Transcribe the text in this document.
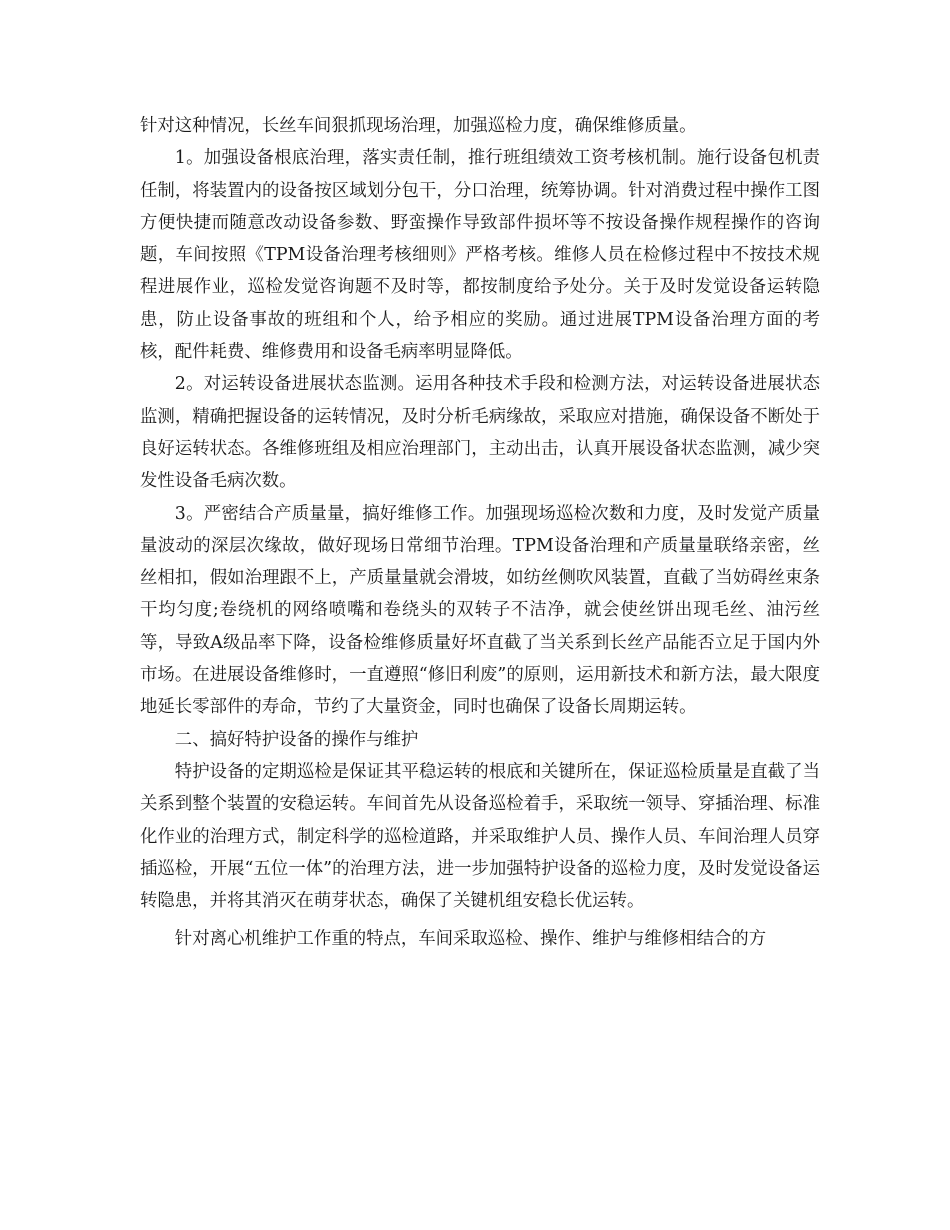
针对这种情况，长丝车间狠抓现场治理，加强巡检力度，确保维修质量。

1。加强设备根底治理，落实责任制，推行班组绩效工资考核机制。施行设备包机责任制，将装置内的设备按区域划分包干，分口治理，统筹协调。针对消费过程中操作工图方便快捷而随意改动设备参数、野蛮操作导致部件损坏等不按设备操作规程操作的咨询题，车间按照《TPM设备治理考核细则》严格考核。维修人员在检修过程中不按技术规程进展作业，巡检发觉咨询题不及时等，都按制度给予处分。关于及时发觉设备运转隐患，防止设备事故的班组和个人，给予相应的奖励。通过进展TPM设备治理方面的考核，配件耗费、维修费用和设备毛病率明显降低。

2。对运转设备进展状态监测。运用各种技术手段和检测方法，对运转设备进展状态监测，精确把握设备的运转情况，及时分析毛病缘故，采取应对措施，确保设备不断处于良好运转状态。各维修班组及相应治理部门，主动出击，认真开展设备状态监测，减少突发性设备毛病次数。

3。严密结合产质量量，搞好维修工作。加强现场巡检次数和力度，及时发觉产质量量波动的深层次缘故，做好现场日常细节治理。TPM设备治理和产质量量联络亲密，丝丝相扣，假如治理跟不上，产质量量就会滑坡，如纺丝侧吹风装置，直截了当妨碍丝束条干均匀度;卷绕机的网络喷嘴和卷绕头的双转子不洁净，就会使丝饼出现毛丝、油污丝等，导致A级品率下降，设备检维修质量好坏直截了当关系到长丝产品能否立足于国内外市场。在进展设备维修时，一直遵照“修旧利废”的原则，运用新技术和新方法，最大限度地延长零部件的寿命，节约了大量资金，同时也确保了设备长周期运转。

二、搞好特护设备的操作与维护

特护设备的定期巡检是保证其平稳运转的根底和关键所在，保证巡检质量是直截了当关系到整个装置的安稳运转。车间首先从设备巡检着手，采取统一领导、穿插治理、标准化作业的治理方式，制定科学的巡检道路，并采取维护人员、操作人员、车间治理人员穿插巡检，开展“五位一体”的治理方法，进一步加强特护设备的巡检力度，及时发觉设备运转隐患，并将其消灭在萌芽状态，确保了关键机组安稳长优运转。

针对离心机维护工作重的特点，车间采取巡检、操作、维护与维修相结合的方
